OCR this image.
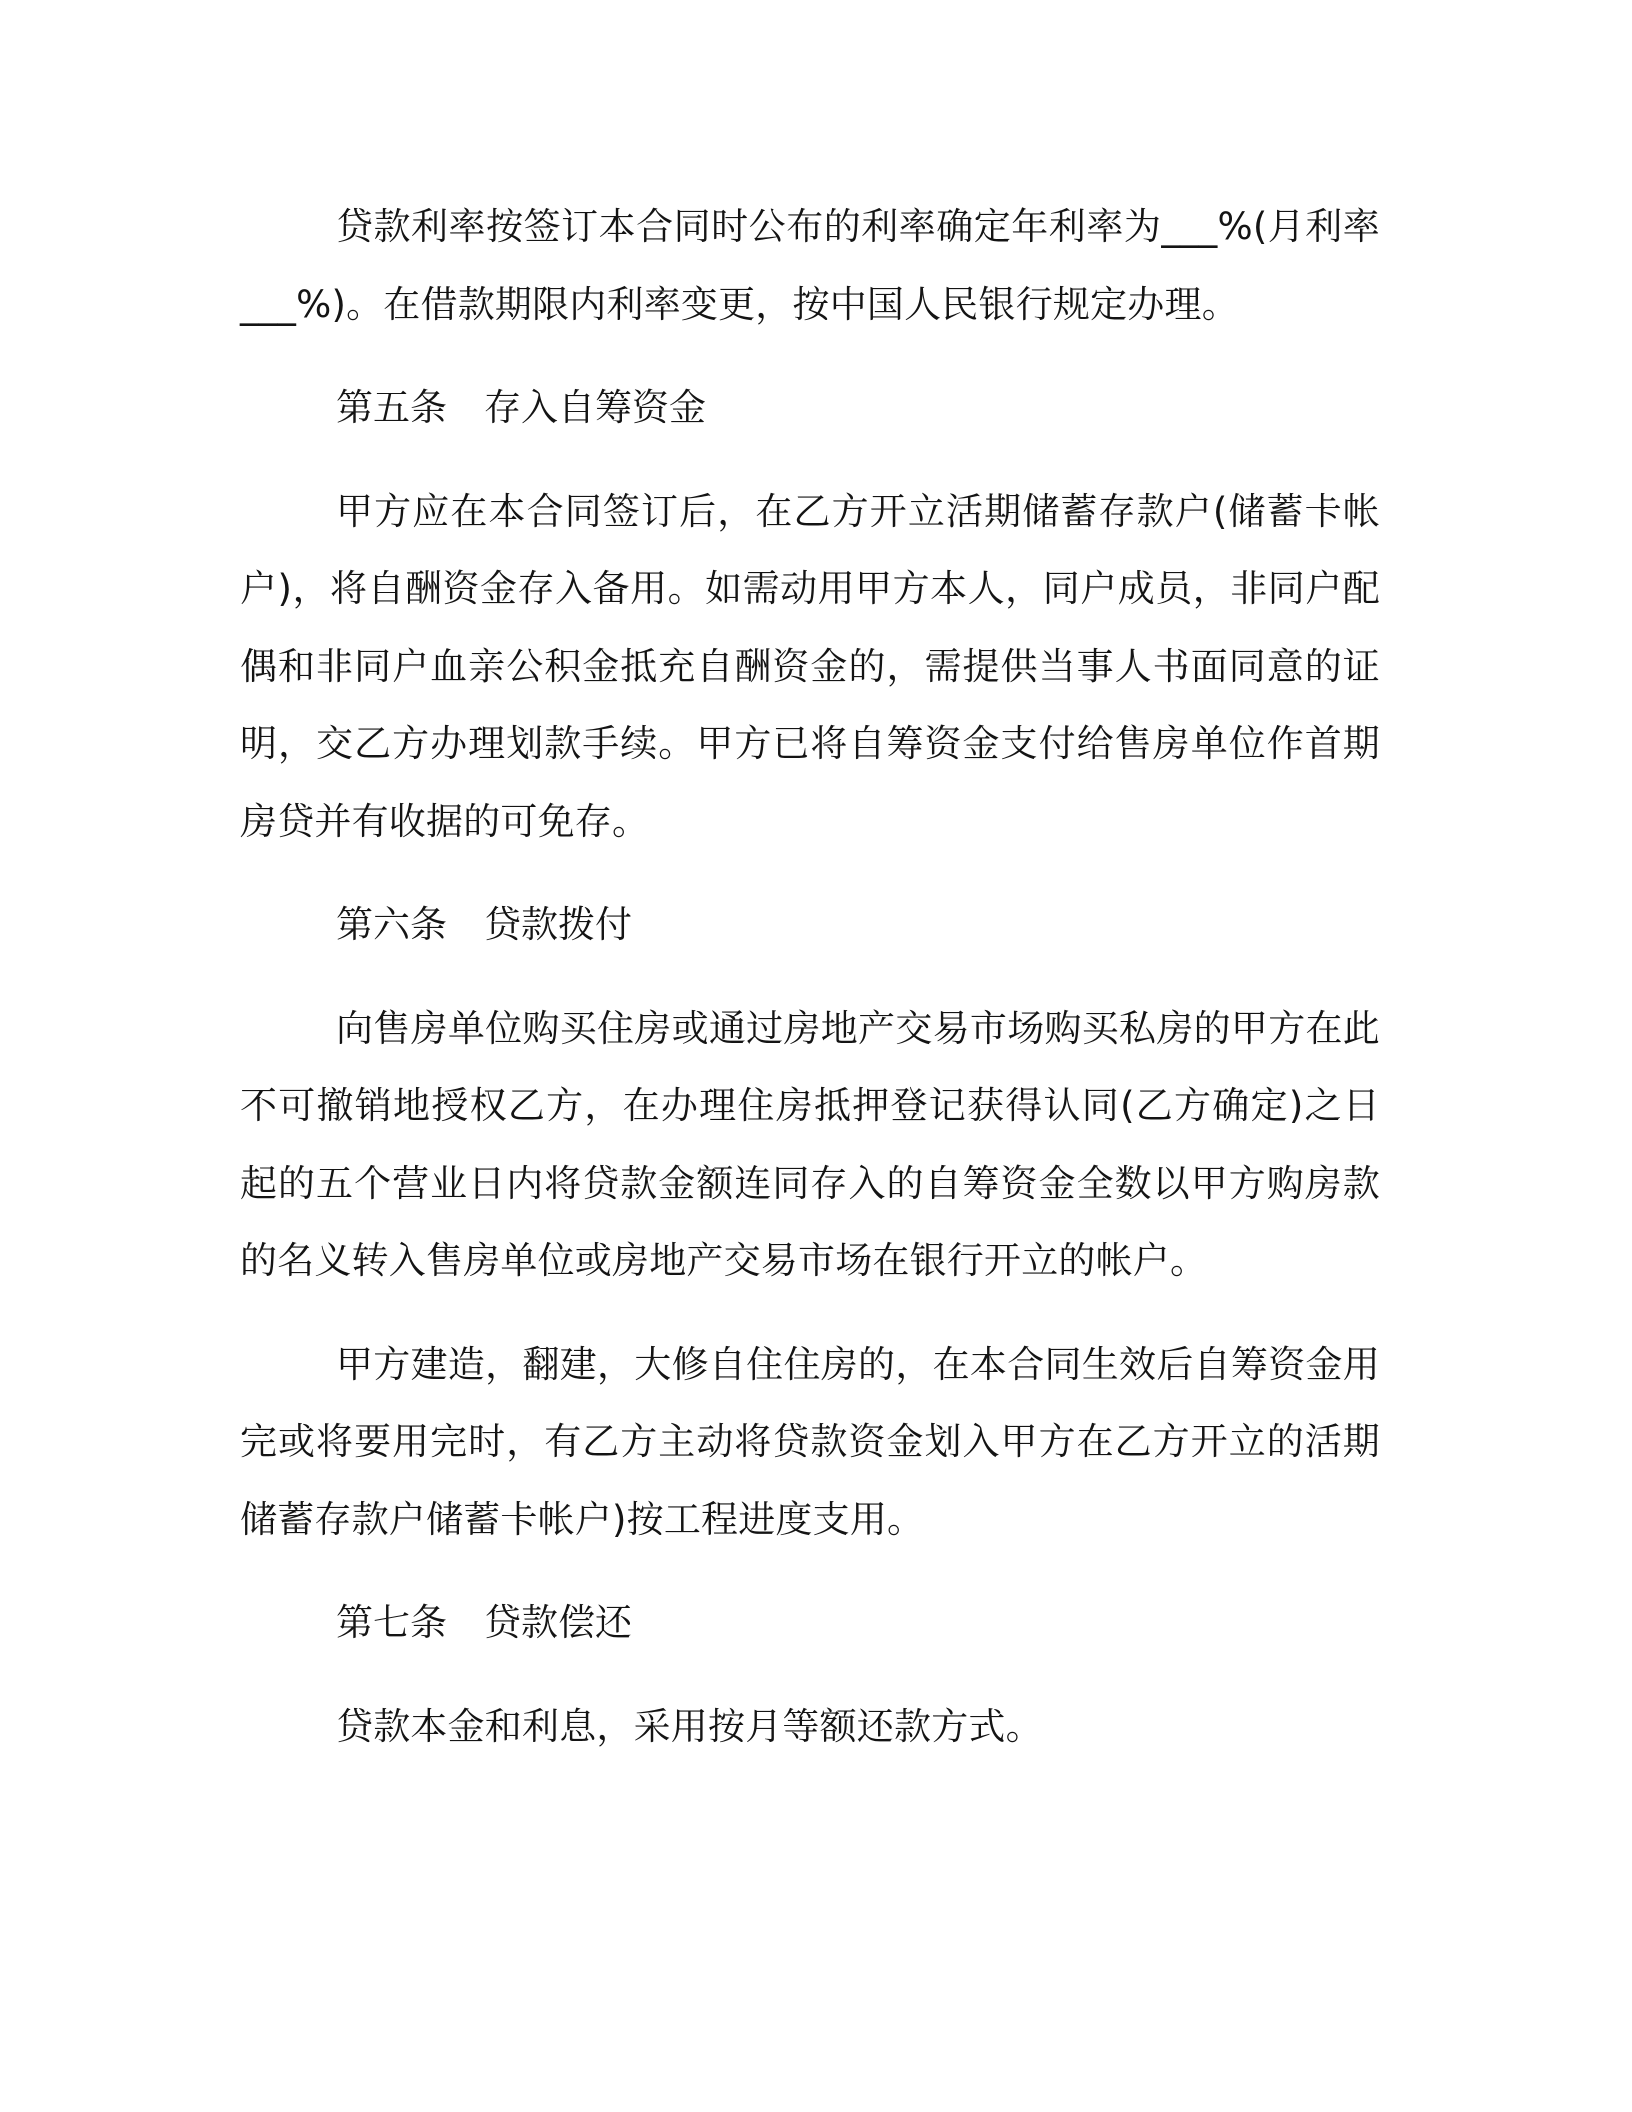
贷款利率按签订本合同时公布的利率确定年利率为___%(月利率___%)。在借款期限内利率变更，按中国人民银行规定办理。

第五条　存入自筹资金

甲方应在本合同签订后，在乙方开立活期储蓄存款户(储蓄卡帐户)，将自酬资金存入备用。如需动用甲方本人，同户成员，非同户配偶和非同户血亲公积金抵充自酬资金的，需提供当事人书面同意的证明，交乙方办理划款手续。甲方已将自筹资金支付给售房单位作首期房贷并有收据的可免存。

第六条　贷款拨付

向售房单位购买住房或通过房地产交易市场购买私房的甲方在此不可撤销地授权乙方，在办理住房抵押登记获得认同(乙方确定)之日起的五个营业日内将贷款金额连同存入的自筹资金全数以甲方购房款的名义转入售房单位或房地产交易市场在银行开立的帐户。

甲方建造，翻建，大修自住住房的，在本合同生效后自筹资金用完或将要用完时，有乙方主动将贷款资金划入甲方在乙方开立的活期储蓄存款户储蓄卡帐户)按工程进度支用。

第七条　贷款偿还

贷款本金和利息，采用按月等额还款方式。
